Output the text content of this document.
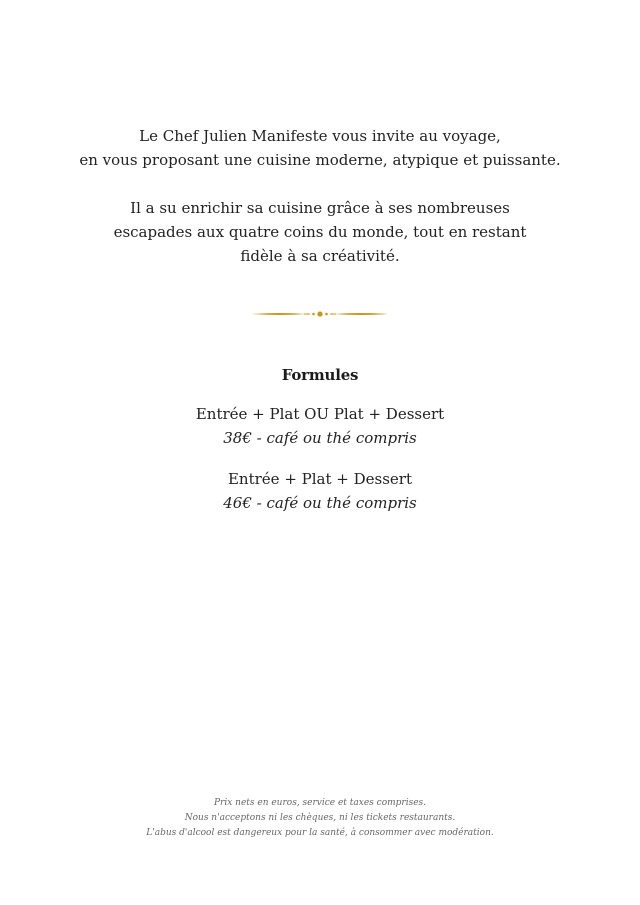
Le Chef Julien Manifeste vous invite au voyage,

en vous proposant une cuisine moderne, atypique et puissante.

Il a su enrichir sa cuisine grâce à ses nombreuses escapades aux quatre coins du monde, tout en restant fidèle à sa créativité.

Formules
Entrée + Plat OU Plat + Dessert
38€ - café ou thé compris
Entrée + Plat + Dessert
46€ - café ou thé compris
Prix nets en euros, service et taxes comprises.
Nous n'acceptons ni les chèques, ni les tickets restaurants.
L'abus d'alcool est dangereux pour la santé, à consommer avec modération.
